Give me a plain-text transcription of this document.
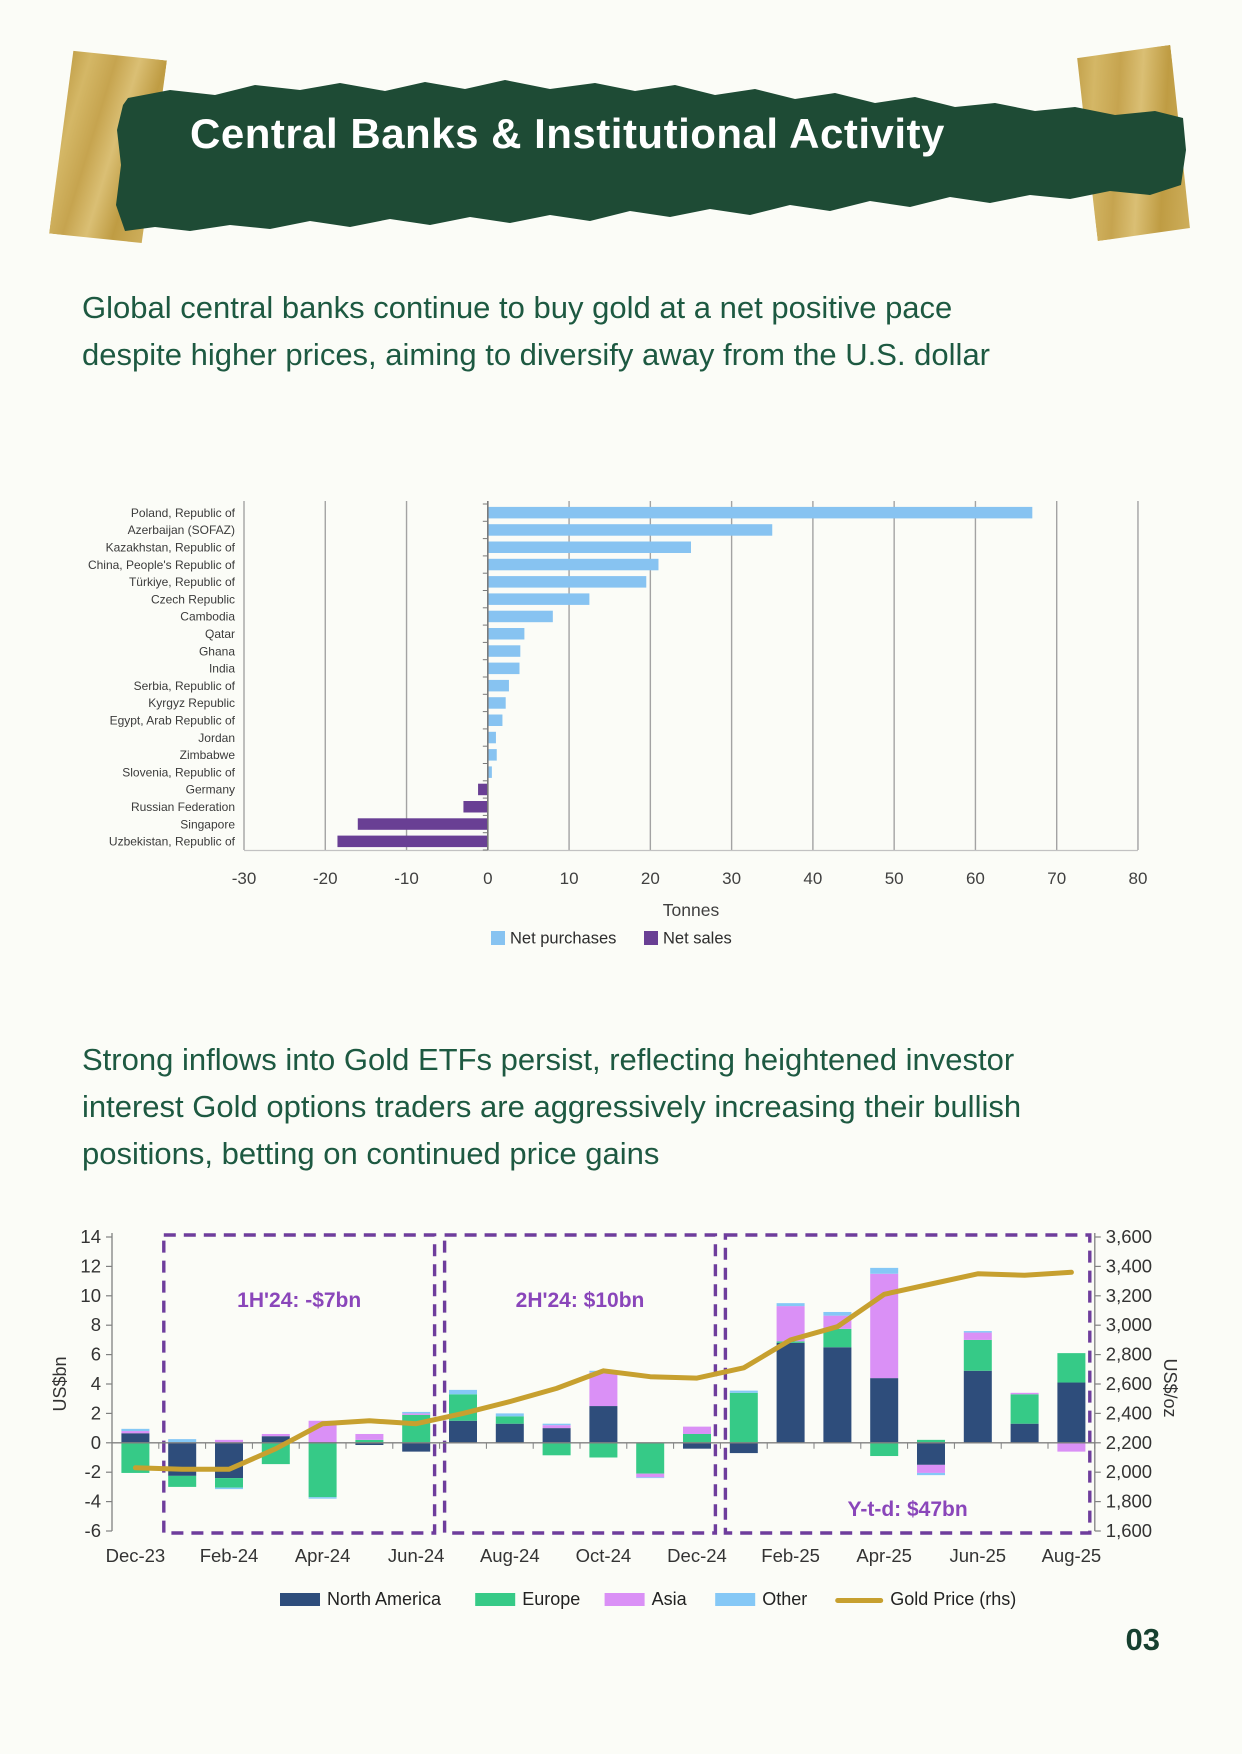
Central Banks & Institutional Activity
Global central banks continue to buy gold at a net positive pace
despite higher prices, aiming to diversify away from the U.S. dollar
Strong inflows into Gold ETFs persist, reflecting heightened investor
interest Gold options traders are aggressively increasing their bullish
positions, betting on continued price gains
Poland, Republic of
Azerbaijan (SOFAZ)
Kazakhstan, Republic of
China, People's Republic of
Türkiye, Republic of
Czech Republic
Cambodia
Qatar
Ghana
India
Serbia, Republic of
Kyrgyz Republic
Egypt, Arab Republic of
Jordan
Zimbabwe
Slovenia, Republic of
Germany
Russian Federation
Singapore
Uzbekistan, Republic of
-30	-20	-10	0	10	20	30	40	50	60	70	80
Tonnes
Net purchases	Net sales
1H'24: -$7bn	2H'24: $10bn
Y-t-d: $47bn
-6
-4
-2
0
2
4
6
8
10
12
14
1,600
1,800
2,000
2,200
2,400
2,600
2,800
3,000
3,200
3,400
3,600
US$bn	US$/oz
Dec-23 Feb-24 Apr-24 Jun-24 Aug-24 Oct-24 Dec-24 Feb-25 Apr-25 Jun-25 Aug-25
North America	Europe	Asia	Other	Gold Price (rhs)
03
